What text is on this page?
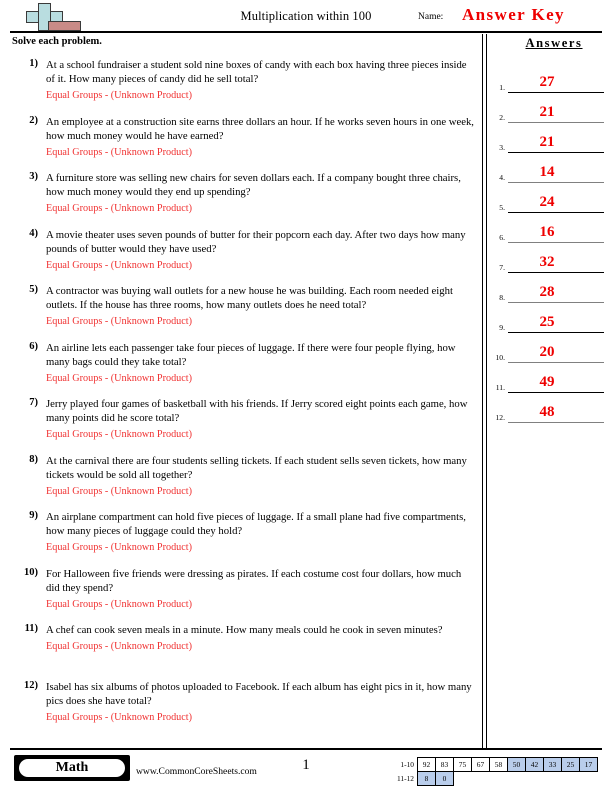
Multiplication within 100	Name: Answer Key
Solve each problem.
1) At a school fundraiser a student sold nine boxes of candy with each box having three pieces inside of it. How many pieces of candy did he sell total?
Equal Groups - (Unknown Product)
2) An employee at a construction site earns three dollars an hour. If he works seven hours in one week, how much money would he have earned?
Equal Groups - (Unknown Product)
3) A furniture store was selling new chairs for seven dollars each. If a company bought three chairs, how much money would they end up spending?
Equal Groups - (Unknown Product)
4) A movie theater uses seven pounds of butter for their popcorn each day. After two days how many pounds of butter would they have used?
Equal Groups - (Unknown Product)
5) A contractor was buying wall outlets for a new house he was building. Each room needed eight outlets. If the house has three rooms, how many outlets does he need total?
Equal Groups - (Unknown Product)
6) An airline lets each passenger take four pieces of luggage. If there were four people flying, how many bags could they take total?
Equal Groups - (Unknown Product)
7) Jerry played four games of basketball with his friends. If Jerry scored eight points each game, how many points did he score total?
Equal Groups - (Unknown Product)
8) At the carnival there are four students selling tickets. If each student sells seven tickets, how many tickets would be sold all together?
Equal Groups - (Unknown Product)
9) An airplane compartment can hold five pieces of luggage. If a small plane had five compartments, how many pieces of luggage could they hold?
Equal Groups - (Unknown Product)
10) For Halloween five friends were dressing as pirates. If each costume cost four dollars, how much did they spend?
Equal Groups - (Unknown Product)
11) A chef can cook seven meals in a minute. How many meals could he cook in seven minutes?
Equal Groups - (Unknown Product)
12) Isabel has six albums of photos uploaded to Facebook. If each album has eight pics in it, how many pics does she have total?
Equal Groups - (Unknown Product)
Answers
1.	27
2.	21
3.	21
4.	14
5.	24
6.	16
7.	32
8.	28
9.	25
10.	20
11.	49
12.	48
Math	www.CommonCoreSheets.com	1	1-10	92	83	75	67	58	50	42	33	25	17
11-12	8	0								
